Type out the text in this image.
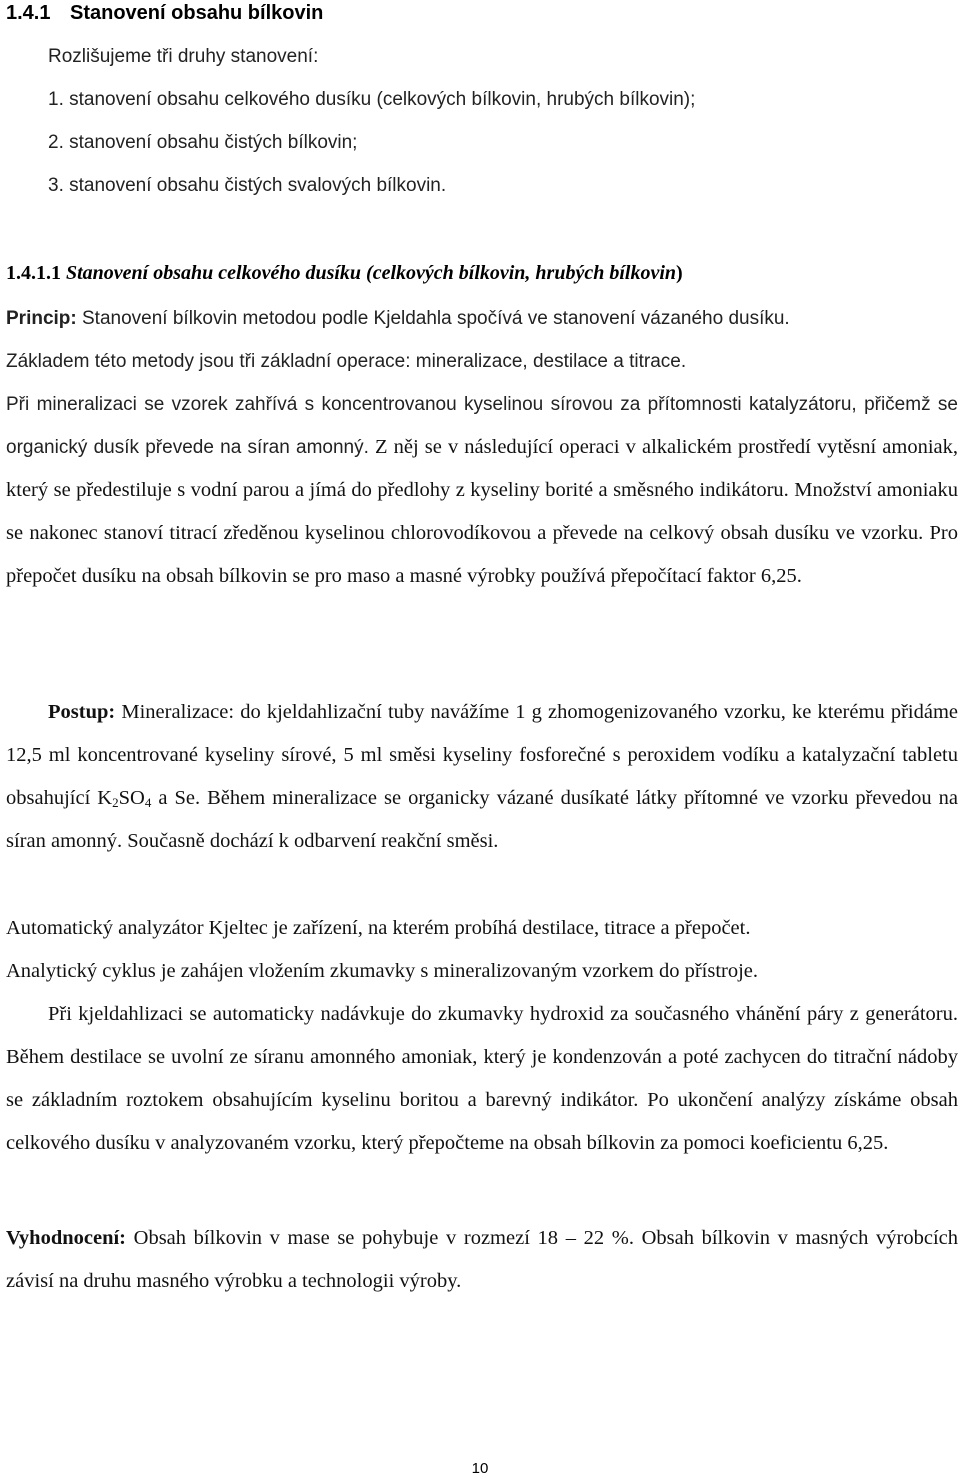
1.4.1 Stanovení obsahu bílkovin
Rozlišujeme tři druhy stanovení:
1. stanovení obsahu celkového dusíku (celkových bílkovin, hrubých bílkovin);
2. stanovení obsahu čistých bílkovin;
3. stanovení obsahu čistých svalových bílkovin.
1.4.1.1 Stanovení obsahu celkového dusíku (celkových bílkovin, hrubých bílkovin)
Princip: Stanovení bílkovin metodou podle Kjeldahla spočívá ve stanovení vázaného dusíku.
Základem této metody jsou tři základní operace: mineralizace, destilace a titrace.
Při mineralizaci se vzorek zahřívá s koncentrovanou kyselinou sírovou za přítomnosti katalyzátoru, přičemž se organický dusík převede na síran amonný. Z něj se v následující operaci v alkalickém prostředí vytěsní amoniak, který se předestiluje s vodní parou a jímá do předlohy z kyseliny borité a směsného indikátoru. Množství amoniaku se nakonec stanoví titrací zředěnou kyselinou chlorovodíkovou a převede na celkový obsah dusíku ve vzorku. Pro přepočet dusíku na obsah bílkovin se pro maso a masné výrobky používá přepočítací faktor 6,25.
Postup: Mineralizace: do kjeldahlizační tuby navážíme 1 g zhomogenizovaného vzorku, ke kterému přidáme 12,5 ml koncentrované kyseliny sírové, 5 ml směsi kyseliny fosforečné s peroxidem vodíku a katalyzační tabletu obsahující $K_2SO_4$ a Se. Během mineralizace se organicky vázané dusíkaté látky přítomné ve vzorku převedou na síran amonný. Současně dochází k odbarvení reakční směsi.
Automatický analyzátor Kjeltec je zařízení, na kterém probíhá destilace, titrace a přepočet.
Analytický cyklus je zahájen vložením zkumavky s mineralizovaným vzorkem do přístroje.
Při kjeldahlizaci se automaticky nadávkuje do zkumavky hydroxid za současného vhánění páry z generátoru. Během destilace se uvolní ze síranu amonného amoniak, který je kondenzován a poté zachycen do titrační nádoby se základním roztokem obsahujícím kyselinu boritou a barevný indikátor. Po ukončení analýzy získáme obsah celkového dusíku v analyzovaném vzorku, který přepočteme na obsah bílkovin za pomoci koeficientu 6,25.
Vyhodnocení: Obsah bílkovin v mase se pohybuje v rozmezí 18 – 22 %. Obsah bílkovin v masných výrobcích závisí na druhu masného výrobku a technologii výroby.
10
